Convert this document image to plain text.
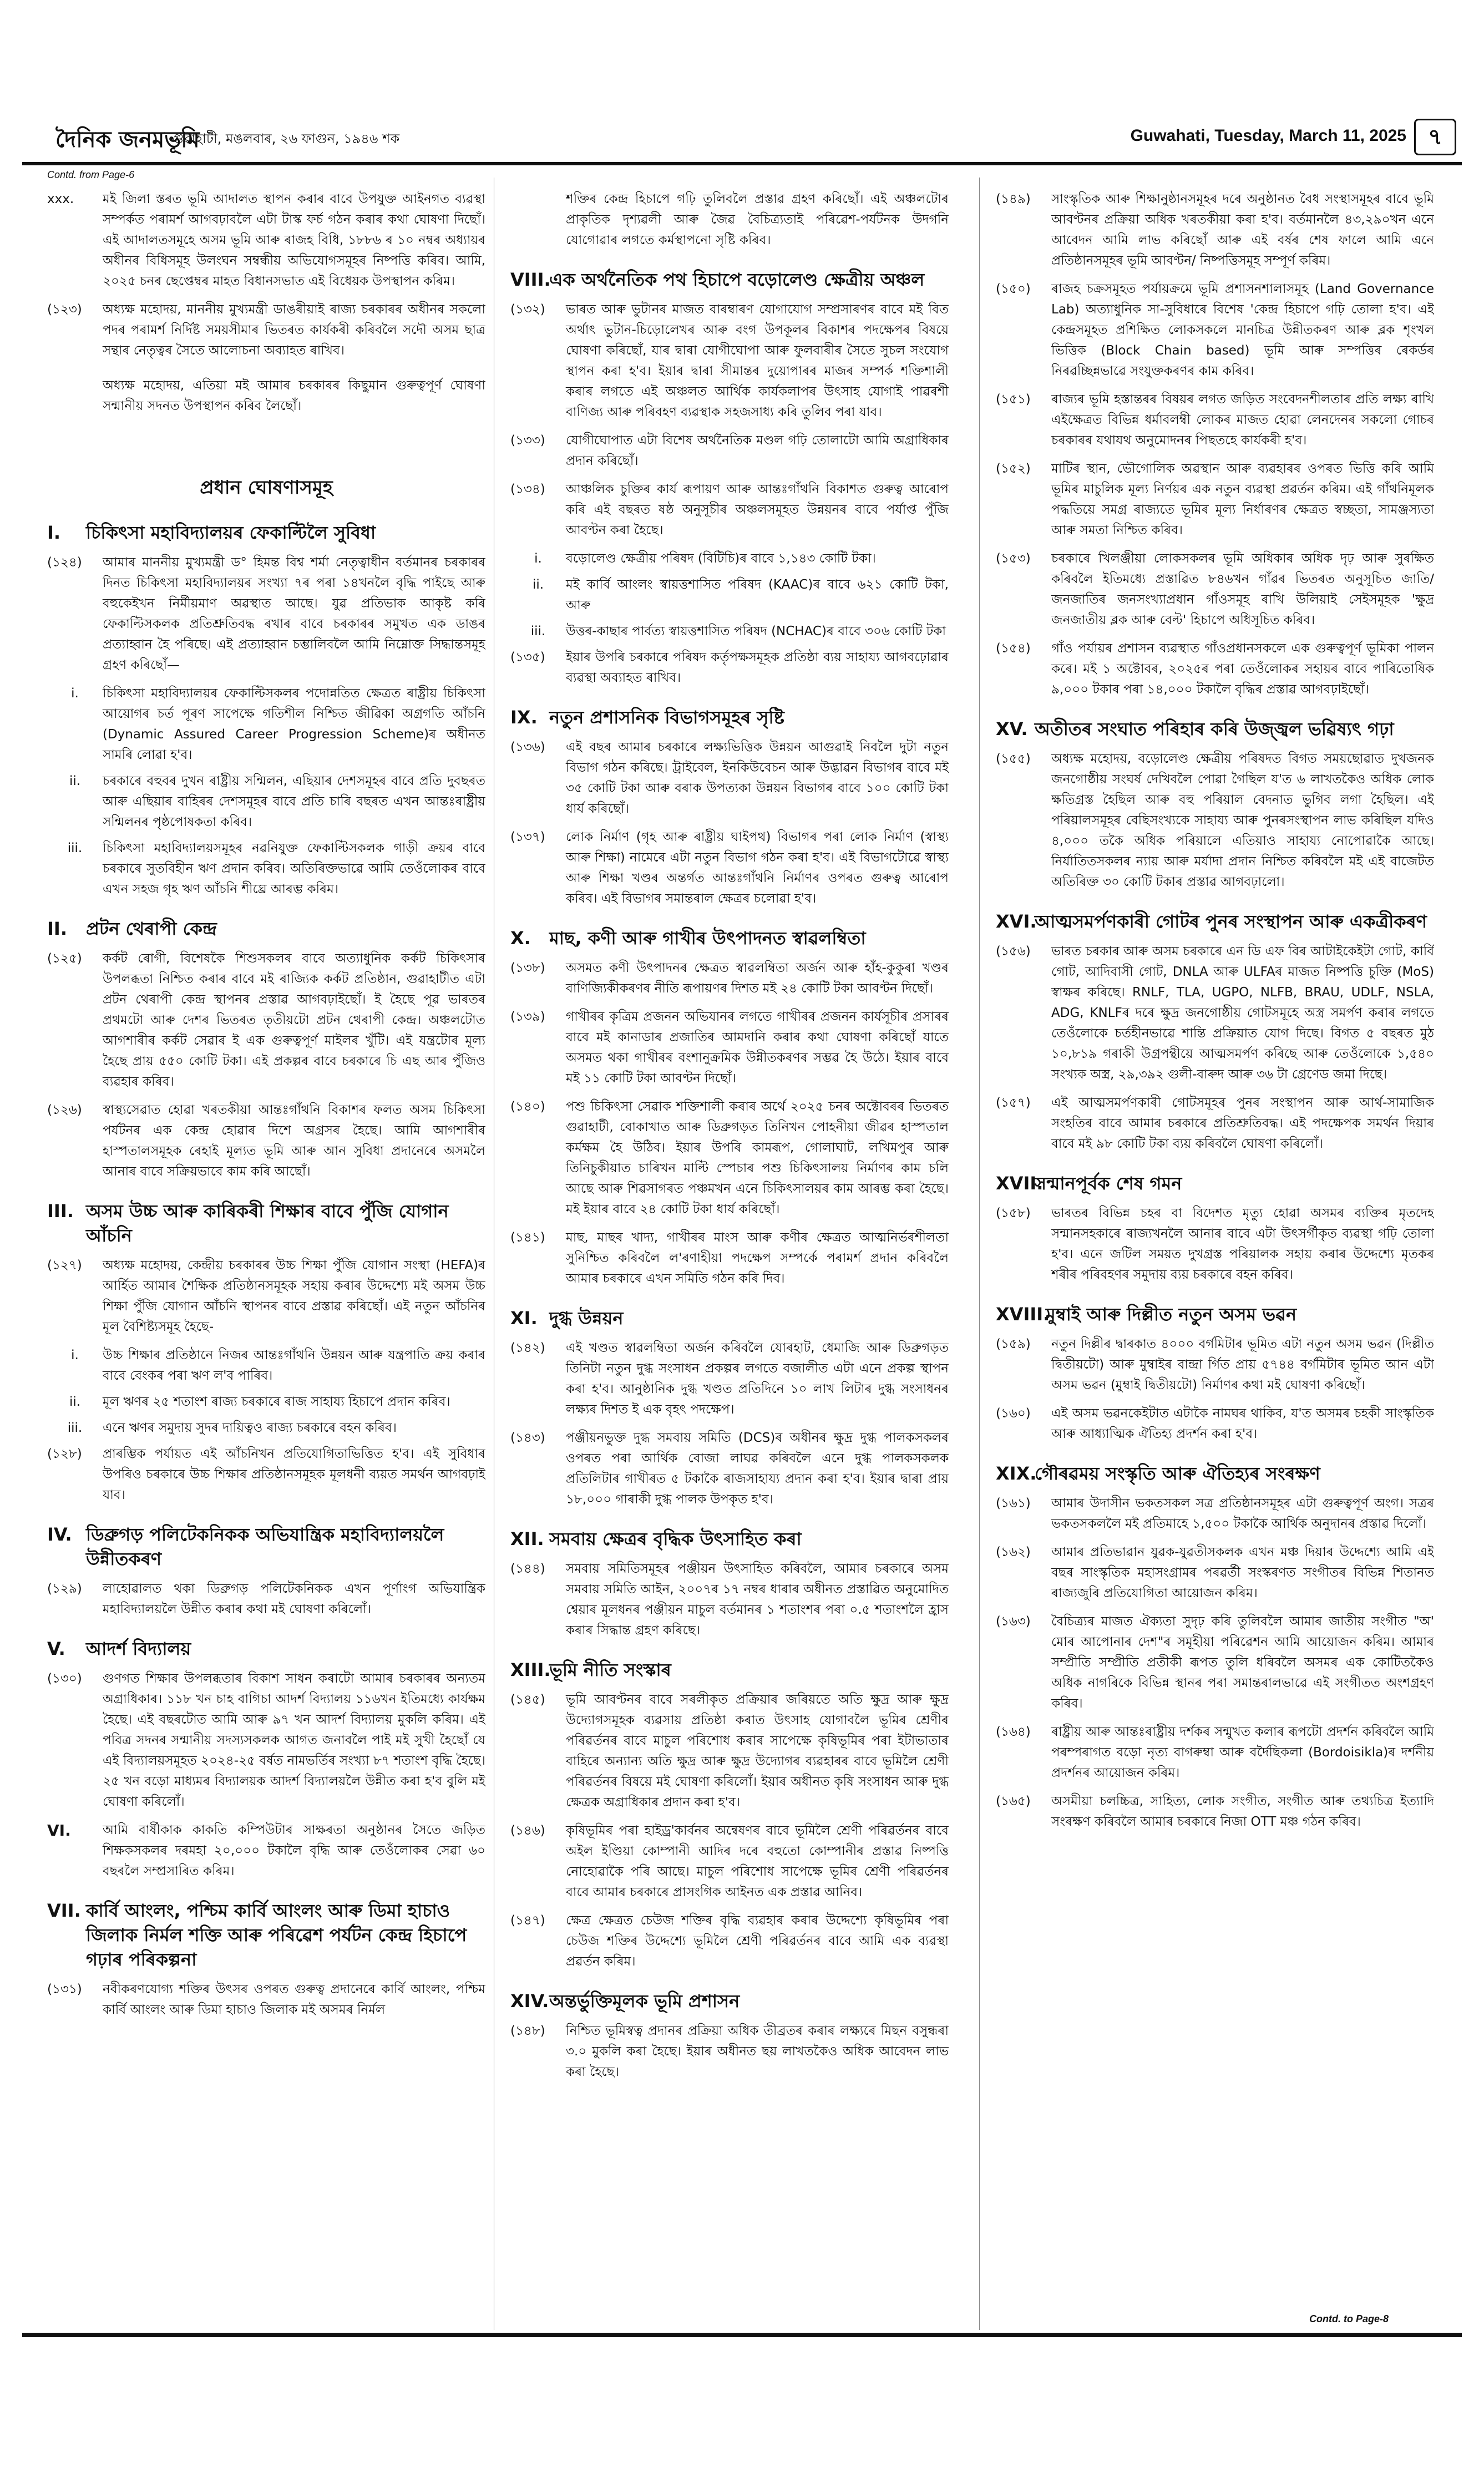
দৈনিক জনমভূমি
গুৱাহাটী, মঙলবাৰ, ২৬ ফাগুন, ১৯৪৬ শক	Guwahati, Tuesday, March 11, 2025 ৭
Contd. from Page-6
xxx.	মই জিলা স্তৰত ভূমি আদালত স্থাপন কৰাৰ বাবে উপযুক্ত আইনগত ব্যৱস্থা সম্পৰ্কত পৰামৰ্শ আগবঢ়াবলৈ এটা টাস্ক ফৰ্চ গঠন কৰাৰ কথা ঘোষণা দিছোঁ। এই আদালতসমূহে অসম ভূমি আৰু ৰাজহ বিধি, ১৮৮৬ ৰ ১০ নম্বৰ অধ্যায়ৰ অধীনৰ বিধিসমূহ উলংঘন সম্বন্ধীয় অভিযোগসমূহৰ নিষ্পত্তি কৰিব। আমি, ২০২৫ চনৰ ছেপ্তেম্বৰ মাহত বিধানসভাত এই বিধেয়ক উপস্থাপন কৰিম।
(১২৩)	অধ্যক্ষ মহোদয়, মাননীয় মুখ্যমন্ত্ৰী ডাঙৰীয়াই ৰাজ্য চৰকাৰৰ অধীনৰ সকলো পদৰ পৰামৰ্শ নিৰ্দিষ্ট সময়সীমাৰ ভিতৰত কাৰ্যকৰী কৰিবলৈ সদৌ অসম ছাত্ৰ সন্থাৰ নেতৃত্বৰ সৈতে আলোচনা অব্যাহত ৰাখিব।
অধ্যক্ষ মহোদয়, এতিয়া মই আমাৰ চৰকাৰৰ কিছুমান গুৰুত্বপূৰ্ণ ঘোষণা সন্মানীয় সদনত উপস্থাপন কৰিব লৈছোঁ।
প্ৰধান ঘোষণাসমূহ
I.	চিকিৎসা মহাবিদ্যালয়ৰ ফেকাল্টিলৈ সুবিধা
(১২৪)	আমাৰ মাননীয় মুখ্যমন্ত্ৰী ড° হিমন্ত বিশ্ব শৰ্মা নেতৃত্বাধীন বৰ্তমানৰ চৰকাৰৰ দিনত চিকিৎসা মহাবিদ্যালয়ৰ সংখ্যা ৭ৰ পৰা ১৪খনলৈ বৃদ্ধি পাইছে আৰু বহুকেইখন নিৰ্মীয়মাণ অৱস্থাত আছে। যুৱ প্ৰতিভাক আকৃষ্ট কৰি ফেকাল্টিসকলক প্ৰতিশ্ৰুতিবদ্ধ ৰখাৰ বাবে চৰকাৰৰ সমুখত এক ডাঙৰ প্ৰত্যাহ্বান হৈ পৰিছে। এই প্ৰত্যাহ্বান চম্ভালিবলৈ আমি নিম্নোক্ত সিদ্ধান্তসমূহ গ্ৰহণ কৰিছোঁ—
i.	চিকিৎসা মহাবিদ্যালয়ৰ ফেকাল্টিসকলৰ পদোন্নতিত ক্ষেত্ৰত ৰাষ্ট্ৰীয় চিকিৎসা আয়োগৰ চৰ্ত পূৰণ সাপেক্ষে গতিশীল নিশ্চিত জীৱিকা অগ্ৰগতি আঁচনি (Dynamic Assured Career Progression Scheme)ৰ অধীনত সামৰি লোৱা হ'ব।
ii.	চৰকাৰে বহুবৰ দুখন ৰাষ্ট্ৰীয় সন্মিলন, এছিয়াৰ দেশসমূহৰ বাবে প্ৰতি দুবছৰত আৰু এছিয়াৰ বাহিৰৰ দেশসমূহৰ বাবে প্ৰতি চাৰি বছৰত এখন আন্তঃৰাষ্ট্ৰীয় সন্মিলনৰ পৃষ্ঠপোষকতা কৰিব।
iii.	চিকিৎসা মহাবিদ্যালয়সমূহৰ নৱনিযুক্ত ফেকাল্টিসকলক গাড়ী ক্ৰয়ৰ বাবে চৰকাৰে সুতবিহীন ঋণ প্ৰদান কৰিব। অতিৰিক্তভাৱে আমি তেওঁলোকৰ বাবে এখন সহজ গৃহ ঋণ আঁচনি শীঘ্ৰে আৰম্ভ কৰিম।
II.	প্ৰটন থেৰাপী কেন্দ্ৰ
(১২৫)	কৰ্কট ৰোগী, বিশেষকৈ শিশুসকলৰ বাবে অত্যাধুনিক কৰ্কট চিকিৎসাৰ উপলব্ধতা নিশ্চিত কৰাৰ বাবে মই ৰাজ্যিক কৰ্কট প্ৰতিষ্ঠান, গুৱাহাটীত এটা প্ৰটন থেৰাপী কেন্দ্ৰ স্থাপনৰ প্ৰস্তাৱ আগবঢ়াইছোঁ। ই হৈছে পূৱ ভাৰতৰ প্ৰথমটো আৰু দেশৰ ভিতৰত তৃতীয়টো প্ৰটন থেৰাপী কেন্দ্ৰ। অঞ্চলটোত আগশাৰীৰ কৰ্কট সেৱাৰ ই এক গুৰুত্বপূৰ্ণ মাইলৰ খুঁটি। এই যন্ত্ৰটোৰ মূল্য হৈছে প্ৰায় ৫৫০ কোটি টকা। এই প্ৰকল্পৰ বাবে চৰকাৰে চি এছ আৰ পুঁজিও ব্যৱহাৰ কৰিব।
(১২৬)	স্বাস্থ্যসেৱাত হোৱা খৰতকীয়া আন্তঃগাঁথনি বিকাশৰ ফলত অসম চিকিৎসা পৰ্যটনৰ এক কেন্দ্ৰ হোৱাৰ দিশে অগ্ৰসৰ হৈছে। আমি আগশাৰীৰ হাস্পতালসমূহক ৰেহাই মূল্যত ভূমি আৰু আন সুবিধা প্ৰদানেৰে অসমলৈ আনাৰ বাবে সক্ৰিয়ভাবে কাম কৰি আছোঁ।
III. অসম উচ্চ আৰু কাৰিকৰী শিক্ষাৰ বাবে পুঁজি যোগান আঁচনি
(১২৭)	অধ্যক্ষ মহোদয়, কেন্দ্ৰীয় চৰকাৰৰ উচ্চ শিক্ষা পুঁজি যোগান সংস্থা (HEFA)ৰ আৰ্হিত আমাৰ শৈক্ষিক প্ৰতিষ্ঠানসমূহক সহায় কৰাৰ উদ্দেশ্যে মই অসম উচ্চ শিক্ষা পুঁজি যোগান আঁচনি স্থাপনৰ বাবে প্ৰস্তাৱ কৰিছোঁ। এই নতুন আঁচনিৰ মূল বৈশিষ্ট্যসমূহ হৈছে-
i.	উচ্চ শিক্ষাৰ প্ৰতিষ্ঠানে নিজৰ আন্তঃগাঁথনি উন্নয়ন আৰু যন্ত্ৰপাতি ক্ৰয় কৰাৰ বাবে বেংকৰ পৰা ঋণ ল'ব পাৰিব।
ii.	মূল ঋণৰ ২৫ শতাংশ ৰাজ্য চৰকাৰে ৰাজ সাহায্য হিচাপে প্ৰদান কৰিব।
iii.	এনে ঋণৰ সমুদায় সুদৰ দায়িত্বও ৰাজ্য চৰকাৰে বহন কৰিব।
(১২৮)	প্ৰাৰম্ভিক পৰ্যায়ত এই আঁচনিখন প্ৰতিযোগিতাভিত্তিত হ'ব। এই সুবিধাৰ উপৰিও চৰকাৰে উচ্চ শিক্ষাৰ প্ৰতিষ্ঠানসমূহক মূলধনী ব্যয়ত সমৰ্থন আগবঢ়াই যাব।
IV. ডিব্ৰুগড় পলিটেকনিকক অভিযান্ত্ৰিক মহাবিদ্যালয়লৈ উন্নীতকৰণ
(১২৯)	লাহোৱালত থকা ডিব্ৰুগড় পলিটেকনিকক এখন পূৰ্ণাংগ অভিযান্ত্ৰিক মহাবিদ্যালয়লৈ উন্নীত কৰাৰ কথা মই ঘোষণা কৰিলোঁ।
V.	আদৰ্শ বিদ্যালয়
(১৩০)	গুণগত শিক্ষাৰ উপলব্ধতাৰ বিকাশ সাধন কৰাটো আমাৰ চৰকাৰৰ অন্যতম অগ্ৰাধিকাৰ। ১১৮ খন চাহ বাগিচা আদৰ্শ বিদ্যালয় ১১৬খন ইতিমধ্যে কাৰ্যক্ষম হৈছে। এই বছৰটোত আমি আৰু ৯৭ খন আদৰ্শ বিদ্যালয় মুকলি কৰিম। এই পবিত্ৰ সদনৰ সন্মানীয় সদস্যসকলক আগত জনাবলৈ পাই মই সুখী হৈছোঁ যে এই বিদ্যালয়সমূহত ২০২৪-২৫ বৰ্ষত নামভৰ্তিৰ সংখ্যা ৮৭ শতাংশ বৃদ্ধি হৈছে। ২৫ খন বড়ো মাধ্যমৰ বিদ্যালয়ক আদৰ্শ বিদ্যালয়লৈ উন্নীত কৰা হ'ব বুলি মই ঘোষণা কৰিলোঁ।
VI.	আমি বাৰ্ষীকাক কাকতি কম্পিউটাৰ সাক্ষৰতা অনুষ্ঠানৰ সৈতে জড়িত শিক্ষকসকলৰ দৰমহা ২০,০০০ টকালৈ বৃদ্ধি আৰু তেওঁলোকৰ সেৱা ৬০ বছৰলৈ সম্প্ৰসাৰিত কৰিম।
VII. কাৰ্বি আংলং, পশ্চিম কাৰ্বি আংলং আৰু ডিমা হাচাও জিলাক নিৰ্মল শক্তি আৰু পৰিৱেশ পৰ্যটন কেন্দ্ৰ হিচাপে গঢ়াৰ পৰিকল্পনা
(১৩১)	নবীকৰণযোগ্য শক্তিৰ উৎসৰ ওপৰত গুৰুত্ব প্ৰদানেৰে কাৰ্বি আংলং, পশ্চিম কাৰ্বি আংলং আৰু ডিমা হাচাও জিলাক মই অসমৰ নিৰ্মল
শক্তিৰ কেন্দ্ৰ হিচাপে গঢ়ি তুলিবলৈ প্ৰস্তাৱ গ্ৰহণ কৰিছোঁ। এই অঞ্চলটোৰ প্ৰাকৃতিক দৃশ্যৱলী আৰু জৈৱ বৈচিত্ৰ্যতাই পৰিৱেশ-পৰ্যটনক উদগনি যোগোৱাৰ লগতে কৰ্মস্থাপনো সৃষ্টি কৰিব।
VIII.
এক অৰ্থনৈতিক পথ হিচাপে বড়োলেণ্ড ক্ষেত্ৰীয় অঞ্চল
(১৩২)	ভাৰত আৰু ভুটানৰ মাজত বাৰম্বাৰণ যোগাযোগ সম্প্ৰসাৰণৰ বাবে মই বিত অৰ্থাৎ ভুটান-চিড়োলেখৰ আৰু বংগ উপকূলৰ বিকাশৰ পদক্ষেপৰ বিষয়ে ঘোষণা কৰিছোঁ, যাৰ দ্বাৰা যোগীঘোপা আৰু ফুলবাৰীৰ সৈতে সুচল সংযোগ স্থাপন কৰা হ'ব। ইয়াৰ দ্বাৰা সীমান্তৰ দুয়োপাৰৰ মাজৰ সম্পৰ্ক শক্তিশালী কৰাৰ লগতে এই অঞ্চলত আৰ্থিক কাৰ্যকলাপৰ উৎসাহ যোগাই পাৱৰশী বাণিজ্য আৰু পৰিবহণ ব্যৱস্থাক সহজসাধ্য কৰি তুলিব পৰা যাব।
(১৩৩)	যোগীঘোপাত এটা বিশেষ অৰ্থনৈতিক মণ্ডল গঢ়ি তোলাটো আমি অগ্ৰাধিকাৰ প্ৰদান কৰিছোঁ।
(১৩৪)	আঞ্চলিক চুক্তিৰ কাৰ্য ৰূপায়ণ আৰু আন্তঃগাঁথনি বিকাশত গুৰুত্ব আৰোপ কৰি এই বছৰত ষষ্ঠ অনুসূচীৰ অঞ্চলসমূহত উন্নয়নৰ বাবে পৰ্যাপ্ত পুঁজি আবণ্টন কৰা হৈছে।
i.	বড়োলেণ্ড ক্ষেত্ৰীয় পৰিষদ (বিটিচি)ৰ বাবে ১,১৪৩ কোটি টকা।
ii.	মই কাৰ্বি আংলং স্বায়ত্তশাসিত পৰিষদ (KAAC)ৰ বাবে ৬২১ কোটি টকা, আৰু
iii.	উত্তৰ-কাছাৰ পাৰ্বত্য স্বায়ত্তশাসিত পৰিষদ (NCHAC)ৰ বাবে ৩০৬ কোটি টকা
(১৩৫)	ইয়াৰ উপৰি চৰকাৰে পৰিষদ কৰ্তৃপক্ষসমূহক প্ৰতিষ্ঠা ব্যয় সাহায্য আগবঢ়োৱাৰ ব্যৱস্থা অব্যাহত ৰাখিব।
IX. নতুন প্ৰশাসনিক বিভাগসমূহৰ সৃষ্টি
(১৩৬)	এই বছৰ আমাৰ চৰকাৰে লক্ষ্যভিত্তিক উন্নয়ন আগুৱাই নিবলৈ দুটা নতুন বিভাগ গঠন কৰিছে। ট্ৰাইবেল, ইনকিউবেচন আৰু উদ্ভাৱন বিভাগৰ বাবে মই ৩৫ কোটি টকা আৰু বৰাক উপত্যকা উন্নয়ন বিভাগৰ বাবে ১০০ কোটি টকা ধাৰ্য কৰিছোঁ।
(১৩৭)	লোক নিৰ্মাণ (গৃহ আৰু ৰাষ্ট্ৰীয় ঘাইপথ) বিভাগৰ পৰা লোক নিৰ্মাণ (স্বাস্থ্য আৰু শিক্ষা) নামেৰে এটা নতুন বিভাগ গঠন কৰা হ'ব। এই বিভাগটোৱে স্বাস্থ্য আৰু শিক্ষা খণ্ডৰ অন্তৰ্গত আন্তঃগাঁথনি নিৰ্মাণৰ ওপৰত গুৰুত্ব আৰোপ কৰিব। এই বিভাগৰ সমান্তৰাল ক্ষেত্ৰৰ চলোৱা হ'ব।
X.	মাছ, কণী আৰু গাখীৰ উৎপাদনত স্বাৱলম্বিতা
(১৩৮)	অসমত কণী উৎপাদনৰ ক্ষেত্ৰত স্বাৱলম্বিতা অৰ্জন আৰু হাঁহ-কুকুৰা খণ্ডৰ বাণিজ্যিকীকৰণৰ নীতি ৰূপায়ণৰ দিশত মই ২৪ কোটি টকা আবণ্টন দিছোঁ।
(১৩৯)	গাখীৰৰ কৃত্ৰিম প্ৰজনন অভিযানৰ লগতে গাখীৰৰ প্ৰজনন কাৰ্যসূচীৰ প্ৰসাৰৰ বাবে মই কানাডাৰ প্ৰজাতিৰ আমদানি কৰাৰ কথা ঘোষণা কৰিছোঁ যাতে অসমত থকা গাখীৰৰ বংশানুক্ৰমিক উন্নীতকৰণৰ সম্ভৱ হৈ উঠে। ইয়াৰ বাবে মই ১১ কোটি টকা আবণ্টন দিছোঁ।
(১৪০)	পশু চিকিৎসা সেৱাক শক্তিশালী কৰাৰ অৰ্থে ২০২৫ চনৰ অক্টোবৰৰ ভিতৰত গুৱাহাটী, বোকাখাত আৰু ডিব্ৰুগড়ত তিনিখন পোহনীয়া জীৱৰ হাস্পতাল কৰ্মক্ষম হৈ উঠিব। ইয়াৰ উপৰি কামৰূপ, গোলাঘাট, লখিমপুৰ আৰু তিনিচুকীয়াত চাৰিখন মাল্টি স্পেচাৰ পশু চিকিৎসালয় নিৰ্মাণৰ কাম চলি আছে আৰু শিৱসাগৰত পঞ্চমখন এনে চিকিৎসালয়ৰ কাম আৰম্ভ কৰা হৈছে। মই ইয়াৰ বাবে ২৪ কোটি টকা ধাৰ্য কৰিছোঁ।
(১৪১)	মাছ, মাছৰ খাদ্য, গাখীৰৰ মাংস আৰু কণীৰ ক্ষেত্ৰত আত্মনিৰ্ভৰশীলতা সুনিশ্চিত কৰিবলৈ ল'ৰণাহীয়া পদক্ষেপ সম্পৰ্কে পৰামৰ্শ প্ৰদান কৰিবলৈ আমাৰ চৰকাৰে এখন সমিতি গঠন কৰি দিব।
XI. দুগ্ধ উন্নয়ন
(১৪২)	এই খণ্ডত স্বাৱলম্বিতা অৰ্জন কৰিবলৈ যোৰহাট, ধেমাজি আৰু ডিব্ৰুগড়ত তিনিটা নতুন দুগ্ধ সংসাধন প্ৰকল্পৰ লগতে বজালীত এটা এনে প্ৰকল্প স্থাপন কৰা হ'ব। আনুষ্ঠানিক দুগ্ধ খণ্ডত প্ৰতিদিনে ১০ লাখ লিটাৰ দুগ্ধ সংসাধনৰ লক্ষ্যৰ দিশত ই এক বৃহৎ পদক্ষেপ।
(১৪৩)	পঞ্জীয়নভুক্ত দুগ্ধ সমবায় সমিতি (DCS)ৰ অধীনৰ ক্ষুদ্ৰ দুগ্ধ পালকসকলৰ ওপৰত পৰা আৰ্থিক বোজা লাঘৱ কৰিবলৈ এনে দুগ্ধ পালকসকলক প্ৰতিলিটাৰ গাখীৰত ৫ টকাকৈ ৰাজসাহায্য প্ৰদান কৰা হ'ব। ইয়াৰ দ্বাৰা প্ৰায় ১৮,০০০ গাৰাকী দুগ্ধ পালক উপকৃত হ'ব।
XII. সমবায় ক্ষেত্ৰৰ বৃদ্ধিক উৎসাহিত কৰা
(১৪৪)	সমবায় সমিতিসমূহৰ পঞ্জীয়ন উৎসাহিত কৰিবলৈ, আমাৰ চৰকাৰে অসম সমবায় সমিতি আইন, ২০০৭ৰ ১৭ নম্বৰ ধাৰাৰ অধীনত প্ৰস্তাৱিত অনুমোদিত শ্বেয়াৰ মূলধনৰ পঞ্জীয়ন মাচুল বৰ্তমানৰ ১ শতাংশৰ পৰা ০.৫ শতাংশলৈ হ্ৰাস কৰাৰ সিদ্ধান্ত গ্ৰহণ কৰিছে।
XIII.
ভূমি নীতি সংস্কাৰ
(১৪৫)	ভূমি আবণ্টনৰ বাবে সৰলীকৃত প্ৰক্ৰিয়াৰ জৰিয়তে অতি ক্ষুদ্ৰ আৰু ক্ষুদ্ৰ উদ্যোগসমূহক ব্যৱসায় প্ৰতিষ্ঠা কৰাত উৎসাহ যোগাবলৈ ভূমিৰ শ্ৰেণীৰ পৰিৱৰ্তনৰ বাবে মাচুল পৰিশোধ কৰাৰ সাপেক্ষে কৃষিভূমিৰ পৰা ইটাভাতাৰ বাহিৰে অন্যান্য অতি ক্ষুদ্ৰ আৰু ক্ষুদ্ৰ উদ্যোগৰ ব্যৱহাৰৰ বাবে ভূমিলৈ শ্ৰেণী পৰিৱৰ্তনৰ বিষয়ে মই ঘোষণা কৰিলোঁ। ইয়াৰ অধীনত কৃষি সংসাধন আৰু দুগ্ধ ক্ষেত্ৰক অগ্ৰাধিকাৰ প্ৰদান কৰা হ'ব।
(১৪৬)	কৃষিভূমিৰ পৰা হাইড্ৰ'কাৰ্বনৰ অন্বেষণৰ বাবে ভূমিলৈ শ্ৰেণী পৰিৱৰ্তনৰ বাবে অইল ইণ্ডিয়া কোম্পানী আদিৰ দৰে বহুতো কোম্পানীৰ প্ৰস্তাৱ নিষ্পত্তি নোহোৱাকৈ পৰি আছে। মাচুল পৰিশোধ সাপেক্ষে ভূমিৰ শ্ৰেণী পৰিৱৰ্তনৰ বাবে আমাৰ চৰকাৰে প্ৰাসংগিক আইনত এক প্ৰস্তাৱ আনিব।
(১৪৭)	ক্ষেত্ৰ ক্ষেত্ৰত চেউজ শক্তিৰ বৃদ্ধি ব্যৱহাৰ কৰাৰ উদ্দেশ্যে কৃষিভূমিৰ পৰা চেউজ শক্তিৰ উদ্দেশ্যে ভূমিলৈ শ্ৰেণী পৰিৱৰ্তনৰ বাবে আমি এক ব্যৱস্থা প্ৰৱৰ্তন কৰিম।
XIV. অন্তৰ্ভুক্তিমূলক ভূমি প্ৰশাসন
(১৪৮)	নিশ্চিত ভূমিস্বত্ব প্ৰদানৰ প্ৰক্ৰিয়া অধিক তীব্ৰতৰ কৰাৰ লক্ষ্যৰে মিছন বসুন্ধৰা ৩.০ মুকলি কৰা হৈছে। ইয়াৰ অধীনত ছয় লাখতকৈও অধিক আবেদন লাভ কৰা হৈছে।
(১৪৯)	সাংস্কৃতিক আৰু শিক্ষানুষ্ঠানসমূহৰ দৰে অনুষ্ঠানত বৈধ সংস্থাসমূহৰ বাবে ভূমি আবণ্টনৰ প্ৰক্ৰিয়া অধিক খৰতকীয়া কৰা হ'ব। বৰ্তমানলৈ ৪৩,২৯০খন এনে আবেদন আমি লাভ কৰিছোঁ আৰু এই বৰ্ষৰ শেষ ফালে আমি এনে প্ৰতিষ্ঠানসমূহৰ ভূমি আবণ্টন/ নিষ্পত্তিসমূহ সম্পূৰ্ণ কৰিম।
(১৫০)	ৰাজহ চক্ৰসমূহত পৰ্যায়ক্ৰমে ভূমি প্ৰশাসনশালাসমূহ (Land Governance Lab) অত্যাধুনিক সা-সুবিধাৰে বিশেষ 'কেন্দ্ৰ হিচাপে গঢ়ি তোলা হ'ব। এই কেন্দ্ৰসমূহত প্ৰশিক্ষিত লোকসকলে মানচিত্ৰ উন্নীতকৰণ আৰু ব্লক শৃংখল ভিত্তিক (Block Chain based) ভূমি আৰু সম্পত্তিৰ ৰেকৰ্ডৰ নিৰৱচ্ছিন্নভাৱে সংযুক্তকৰণৰ কাম কৰিব।
(১৫১)	ৰাজ্যৰ ভূমি হস্তান্তৰৰ বিষয়ৰ লগত জড়িত সংবেদনশীলতাৰ প্ৰতি লক্ষ্য ৰাখি এইক্ষেত্ৰত বিভিন্ন ধৰ্মাবলম্বী লোকৰ মাজত হোৱা লেনদেনৰ সকলো গোচৰ চৰকাৰৰ যথাযথ অনুমোদনৰ পিছতহে কাৰ্যকৰী হ'ব।
(১৫২)	মাটিৰ স্থান, ভৌগোলিক অৱস্থান আৰু ব্যৱহাৰৰ ওপৰত ভিত্তি কৰি আমি ভূমিৰ মাচুলিক মূল্য নিৰ্ণয়ৰ এক নতুন ব্যৱস্থা প্ৰৱৰ্তন কৰিম। এই গাঁথনিমূলক পদ্ধতিয়ে সমগ্ৰ ৰাজ্যতে ভূমিৰ মূল্য নিৰ্ধাৰণৰ ক্ষেত্ৰত স্বচ্ছতা, সামঞ্জস্যতা আৰু সমতা নিশ্চিত কৰিব।
(১৫৩)	চৰকাৰে খিলঞ্জীয়া লোকসকলৰ ভূমি অধিকাৰ অধিক দৃঢ় আৰু সুৰক্ষিত কৰিবলৈ ইতিমধ্যে প্ৰস্তাৱিত ৮৪৬খন গাঁৱৰ ভিতৰত অনুসূচিত জাতি/ জনজাতিৰ জনসংখ্যাপ্ৰধান গাঁওসমূহ ৰাখি উলিয়াই সেইসমূহক 'ক্ষুদ্ৰ জনজাতীয় ব্লক আৰু বেল্ট' হিচাপে অধিসূচিত কৰিব।
(১৫৪)	গাঁও পৰ্যায়ৰ প্ৰশাসন ব্যৱস্থাত গাঁওপ্ৰধানসকলে এক গুৰুত্বপূৰ্ণ ভূমিকা পালন কৰে। মই ১ অক্টোবৰ, ২০২৫ৰ পৰা তেওঁলোকৰ সহায়ৰ বাবে পাৰিতোষিক ৯,০০০ টকাৰ পৰা ১৪,০০০ টকালৈ বৃদ্ধিৰ প্ৰস্তাৱ আগবঢ়াইছোঁ।
XV. অতীতৰ সংঘাত পৰিহাৰ কৰি উজ্জ্বল ভৱিষ্যৎ গঢ়া
(১৫৫)	অধ্যক্ষ মহোদয়, বড়োলেণ্ড ক্ষেত্ৰীয় পৰিষদত বিগত সময়ছোৱাত দুখজনক জনগোষ্ঠীয় সংঘৰ্ষ দেখিবলৈ পোৱা গৈছিল য'ত ৬ লাখতকৈও অধিক লোক ক্ষতিগ্ৰস্ত হৈছিল আৰু বহু পৰিয়াল বেদনাত ভুগিব লগা হৈছিল। এই পৰিয়ালসমূহৰ বেছিসংখ্যকে সাহায্য আৰু পুনৰসংস্থাপন লাভ কৰিছিল যদিও ৪,০০০ তকৈ অধিক পৰিয়ালে এতিয়াও সাহায্য নোপোৱাকৈ আছে। নিৰ্যাতিতসকলৰ ন্যায় আৰু মৰ্যাদা প্ৰদান নিশ্চিত কৰিবলৈ মই এই বাজেটত অতিৰিক্ত ৩০ কোটি টকাৰ প্ৰস্তাৱ আগবঢ়ালো।
XVI.
আত্মসমৰ্পণকাৰী গোটৰ পুনৰ সংস্থাপন আৰু একত্ৰীকৰণ
(১৫৬)	ভাৰত চৰকাৰ আৰু অসম চৰকাৰে এন ডি এফ বিৰ আটাইকেইটা গোট, কাৰ্বি গোট, আদিবাসী গোট, DNLA আৰু ULFAৰ মাজত নিষ্পত্তি চুক্তি (MoS) স্বাক্ষৰ কৰিছে। RNLF, TLA, UGPO, NLFB, BRAU, UDLF, NSLA, ADG, KNLFৰ দৰে ক্ষুদ্ৰ জনগোষ্ঠীয় গোটসমূহে অস্ত্ৰ সমৰ্পণ কৰাৰ লগতে তেওঁলোকে চৰ্তহীনভাৱে শান্তি প্ৰক্ৰিয়াত যোগ দিছে। বিগত ৫ বছৰত মুঠ ১০,৮১৯ গৰাকী উগ্ৰপন্থীয়ে আত্মসমৰ্পণ কৰিছে আৰু তেওঁলোকে ১,৫৪০ সংখ্যক অস্ত্ৰ, ২৯,৩৯২ গুলী-বাৰুদ আৰু ৩৬ টা গ্ৰেণেড জমা দিছে।
(১৫৭)	এই আত্মসমৰ্পণকাৰী গোটসমূহৰ পুনৰ সংস্থাপন আৰু আৰ্থ-সামাজিক সংহতিৰ বাবে আমাৰ চৰকাৰে প্ৰতিশ্ৰুতিবদ্ধ। এই পদক্ষেপক সমৰ্থন দিয়াৰ বাবে মই ৯৮ কোটি টকা ব্যয় কৰিবলৈ ঘোষণা কৰিলোঁ।
XVII.
সন্মানপূৰ্বক শেষ গমন
(১৫৮)	ভাৰতৰ বিভিন্ন চহৰ বা বিদেশত মৃত্যু হোৱা অসমৰ ব্যক্তিৰ মৃতদেহ সন্মানসহকাৰে ৰাজ্যখনলৈ আনাৰ বাবে এটা উৎসৰ্গীকৃত ব্যৱস্থা গঢ়ি তোলা হ'ব। এনে জটিল সময়ত দুখগ্ৰস্ত পৰিয়ালক সহায় কৰাৰ উদ্দেশ্যে মৃতকৰ শৰীৰ পৰিবহণৰ সমুদায় ব্যয় চৰকাৰে বহন কৰিব।
XVIII.
মুম্বাই আৰু দিল্লীত নতুন অসম ভৱন
(১৫৯)	নতুন দিল্লীৰ দ্বাৰকাত ৪০০০ বৰ্গমিটাৰ ভূমিত এটা নতুন অসম ভৱন (দিল্লীত দ্বিতীয়টো) আৰু মুম্বাইৰ বান্দ্ৰা ৰ্গিত প্ৰায় ৫৭৪৪ বৰ্গমিটাৰ ভূমিত আন এটা অসম ভৱন (মুম্বাই দ্বিতীয়টো) নিৰ্মাণৰ কথা মই ঘোষণা কৰিছোঁ।
(১৬০)	এই অসম ভৱনকেইটাত এটাকৈ নামঘৰ থাকিব, য'ত অসমৰ চহকী সাংস্কৃতিক আৰু আধ্যাত্মিক ঐতিহ্য প্ৰদৰ্শন কৰা হ'ব।
XIX.
গৌৰৱময় সংস্কৃতি আৰু ঐতিহ্যৰ সংৰক্ষণ
(১৬১)	আমাৰ উদাসীন ভকতসকল সত্ৰ প্ৰতিষ্ঠানসমূহৰ এটা গুৰুত্বপূৰ্ণ অংগ। সত্ৰৰ ভকতসকললৈ মই প্ৰতিমাহে ১,৫০০ টকাকৈ আৰ্থিক অনুদানৰ প্ৰস্তাৱ দিলোঁ।
(১৬২)	আমাৰ প্ৰতিভাৱান যুৱক-যুৱতীসকলক এখন মঞ্চ দিয়াৰ উদ্দেশ্যে আমি এই বছৰ সাংস্কৃতিক মহাসংগ্ৰামৰ পৰৱৰ্তী সংস্কৰণত সংগীতৰ বিভিন্ন শিতানত ৰাজ্যজুৰি প্ৰতিযোগিতা আয়োজন কৰিম।
(১৬৩)	বৈচিত্ৰ্যৰ মাজত ঐক্যতা সুদৃঢ় কৰি তুলিবলৈ আমাৰ জাতীয় সংগীত "অ' মোৰ আপোনাৰ দেশ"ৰ সমূহীয়া পৰিৱেশন আমি আয়োজন কৰিম। আমাৰ সম্প্ৰীতি সম্প্ৰীতি প্ৰতীকী ৰূপত তুলি ধৰিবলৈ অসমৰ এক কোটিতকৈও অধিক নাগৰিকে বিভিন্ন স্থানৰ পৰা সমান্তৰালভাৱে এই সংগীতত অংশগ্ৰহণ কৰিব।
(১৬৪)	ৰাষ্ট্ৰীয় আৰু আন্তঃৰাষ্ট্ৰীয় দৰ্শকৰ সন্মুখত কলাৰ ৰূপটো প্ৰদৰ্শন কৰিবলৈ আমি পৰম্পৰাগত বড়ো নৃত্য বাগৰুম্বা আৰু বৰ্দৈছিকলা (Bordoisikla)ৰ দৰ্শনীয় প্ৰদৰ্শনৰ আয়োজন কৰিম।
(১৬৫)	অসমীয়া চলচ্চিত্ৰ, সাহিত্য, লোক সংগীত, সংগীত আৰু তথ্যচিত্ৰ ইত্যাদি সংৰক্ষণ কৰিবলৈ আমাৰ চৰকাৰে নিজা OTT মঞ্চ গঠন কৰিব।
Contd. to Page-8
